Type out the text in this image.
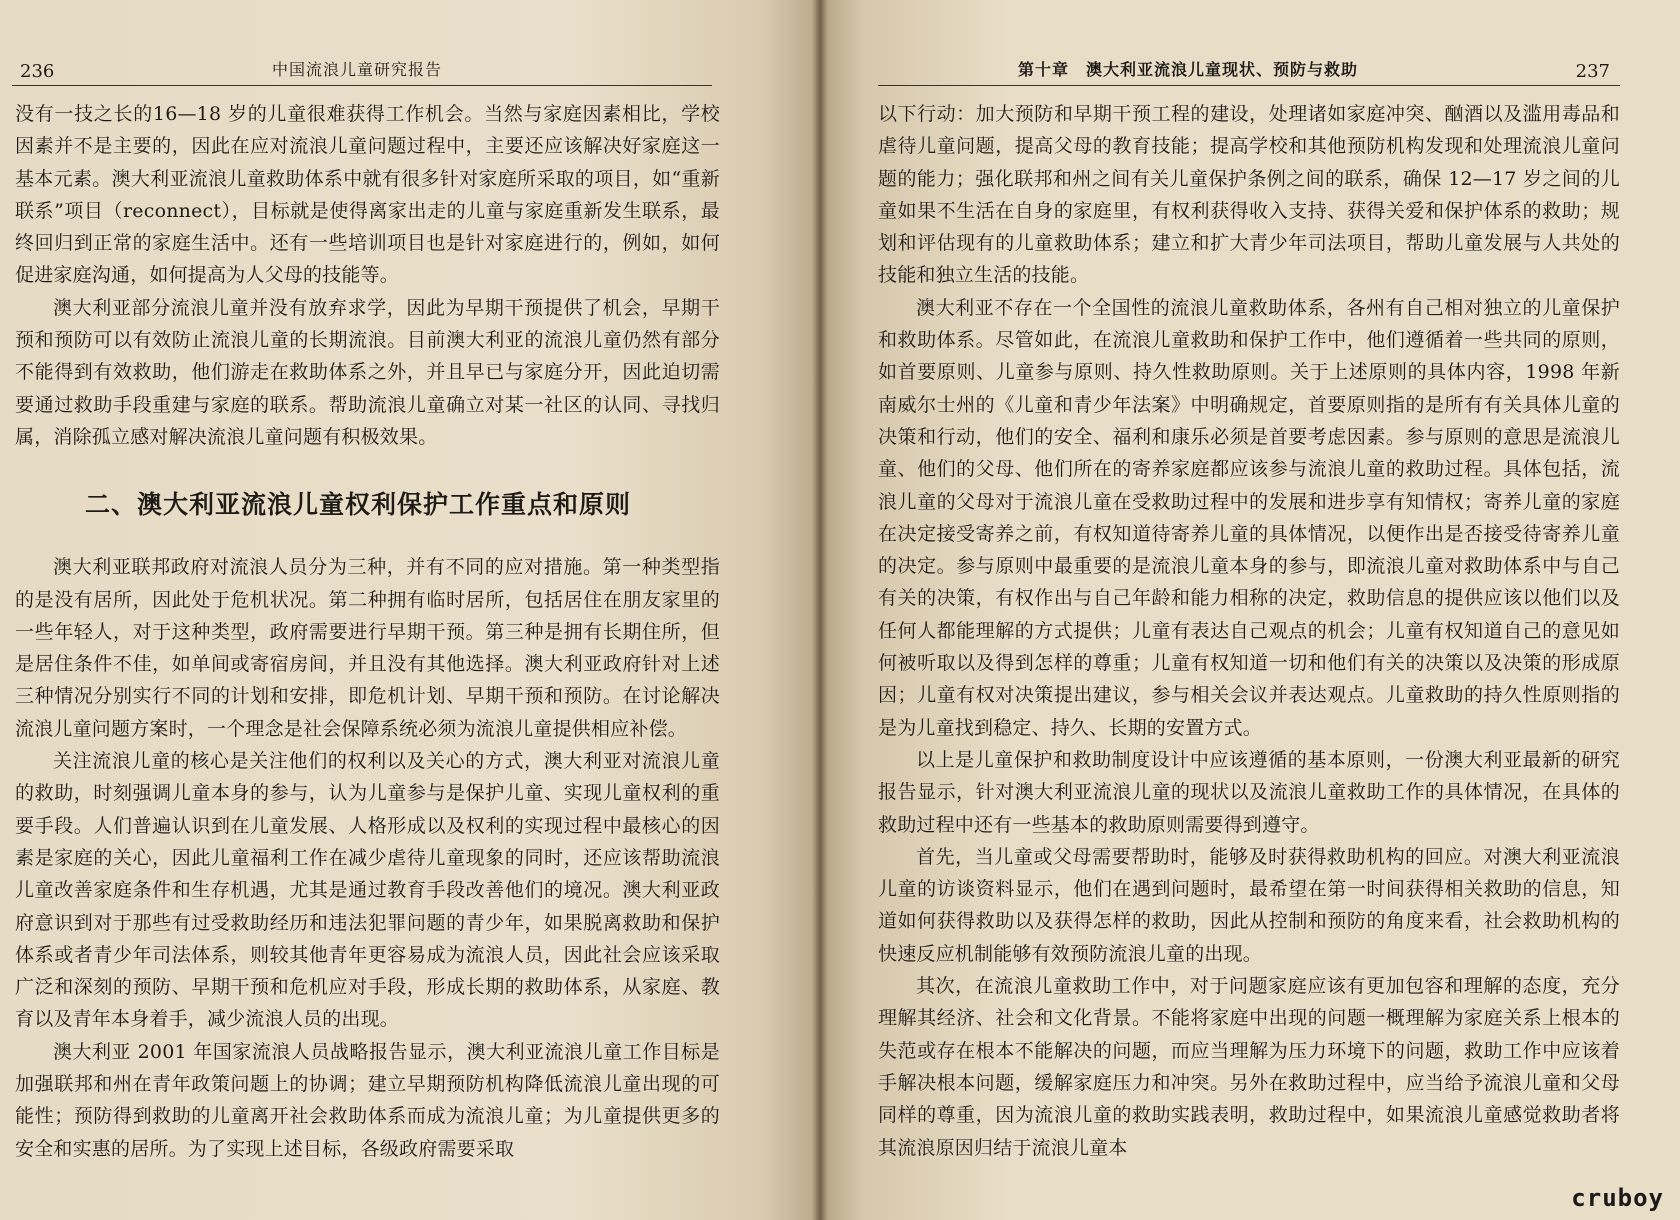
236	中国流浪儿童研究报告

没有一技之长的16—18 岁的儿童很难获得工作机会。当然与家庭因素相比，学校因素并不是主要的，因此在应对流浪儿童问题过程中，主要还应该解决好家庭这一基本元素。澳大利亚流浪儿童救助体系中就有很多针对家庭所采取的项目，如“重新联系”项目（reconnect），目标就是使得离家出走的儿童与家庭重新发生联系，最终回归到正常的家庭生活中。还有一些培训项目也是针对家庭进行的，例如，如何促进家庭沟通，如何提高为人父母的技能等。

澳大利亚部分流浪儿童并没有放弃求学，因此为早期干预提供了机会，早期干预和预防可以有效防止流浪儿童的长期流浪。目前澳大利亚的流浪儿童仍然有部分不能得到有效救助，他们游走在救助体系之外，并且早已与家庭分开，因此迫切需要通过救助手段重建与家庭的联系。帮助流浪儿童确立对某一社区的认同、寻找归属，消除孤立感对解决流浪儿童问题有积极效果。

二、澳大利亚流浪儿童权利保护工作重点和原则

澳大利亚联邦政府对流浪人员分为三种，并有不同的应对措施。第一种类型指的是没有居所，因此处于危机状况。第二种拥有临时居所，包括居住在朋友家里的一些年轻人，对于这种类型，政府需要进行早期干预。第三种是拥有长期住所，但是居住条件不佳，如单间或寄宿房间，并且没有其他选择。澳大利亚政府针对上述三种情况分别实行不同的计划和安排，即危机计划、早期干预和预防。在讨论解决流浪儿童问题方案时，一个理念是社会保障系统必须为流浪儿童提供相应补偿。

关注流浪儿童的核心是关注他们的权利以及关心的方式，澳大利亚对流浪儿童的救助，时刻强调儿童本身的参与，认为儿童参与是保护儿童、实现儿童权利的重要手段。人们普遍认识到在儿童发展、人格形成以及权利的实现过程中最核心的因素是家庭的关心，因此儿童福利工作在减少虐待儿童现象的同时，还应该帮助流浪儿童改善家庭条件和生存机遇，尤其是通过教育手段改善他们的境况。澳大利亚政府意识到对于那些有过受救助经历和违法犯罪问题的青少年，如果脱离救助和保护体系或者青少年司法体系，则较其他青年更容易成为流浪人员，因此社会应该采取广泛和深刻的预防、早期干预和危机应对手段，形成长期的救助体系，从家庭、教育以及青年本身着手，减少流浪人员的出现。

澳大利亚 2001 年国家流浪人员战略报告显示，澳大利亚流浪儿童工作目标是加强联邦和州在青年政策问题上的协调；建立早期预防机构降低流浪儿童出现的可能性；预防得到救助的儿童离开社会救助体系而成为流浪儿童；为儿童提供更多的安全和实惠的居所。为了实现上述目标，各级政府需要采取

第十章　澳大利亚流浪儿童现状、预防与救助	237

以下行动：加大预防和早期干预工程的建设，处理诸如家庭冲突、酗酒以及滥用毒品和虐待儿童问题，提高父母的教育技能；提高学校和其他预防机构发现和处理流浪儿童问题的能力；强化联邦和州之间有关儿童保护条例之间的联系，确保 12—17 岁之间的儿童如果不生活在自身的家庭里，有权利获得收入支持、获得关爱和保护体系的救助；规划和评估现有的儿童救助体系；建立和扩大青少年司法项目，帮助儿童发展与人共处的技能和独立生活的技能。

澳大利亚不存在一个全国性的流浪儿童救助体系，各州有自己相对独立的儿童保护和救助体系。尽管如此，在流浪儿童救助和保护工作中，他们遵循着一些共同的原则，如首要原则、儿童参与原则、持久性救助原则。关于上述原则的具体内容，1998 年新南威尔士州的《儿童和青少年法案》中明确规定，首要原则指的是所有有关具体儿童的决策和行动，他们的安全、福利和康乐必须是首要考虑因素。参与原则的意思是流浪儿童、他们的父母、他们所在的寄养家庭都应该参与流浪儿童的救助过程。具体包括，流浪儿童的父母对于流浪儿童在受救助过程中的发展和进步享有知情权；寄养儿童的家庭在决定接受寄养之前，有权知道待寄养儿童的具体情况，以便作出是否接受待寄养儿童的决定。参与原则中最重要的是流浪儿童本身的参与，即流浪儿童对救助体系中与自己有关的决策，有权作出与自己年龄和能力相称的决定，救助信息的提供应该以他们以及任何人都能理解的方式提供；儿童有表达自己观点的机会；儿童有权知道自己的意见如何被听取以及得到怎样的尊重；儿童有权知道一切和他们有关的决策以及决策的形成原因；儿童有权对决策提出建议，参与相关会议并表达观点。儿童救助的持久性原则指的是为儿童找到稳定、持久、长期的安置方式。

以上是儿童保护和救助制度设计中应该遵循的基本原则，一份澳大利亚最新的研究报告显示，针对澳大利亚流浪儿童的现状以及流浪儿童救助工作的具体情况，在具体的救助过程中还有一些基本的救助原则需要得到遵守。

首先，当儿童或父母需要帮助时，能够及时获得救助机构的回应。对澳大利亚流浪儿童的访谈资料显示，他们在遇到问题时，最希望在第一时间获得相关救助的信息，知道如何获得救助以及获得怎样的救助，因此从控制和预防的角度来看，社会救助机构的快速反应机制能够有效预防流浪儿童的出现。

其次，在流浪儿童救助工作中，对于问题家庭应该有更加包容和理解的态度，充分理解其经济、社会和文化背景。不能将家庭中出现的问题一概理解为家庭关系上根本的失范或存在根本不能解决的问题，而应当理解为压力环境下的问题，救助工作中应该着手解决根本问题，缓解家庭压力和冲突。另外在救助过程中，应当给予流浪儿童和父母同样的尊重，因为流浪儿童的救助实践表明，救助过程中，如果流浪儿童感觉救助者将其流浪原因归结于流浪儿童本

cruboy
